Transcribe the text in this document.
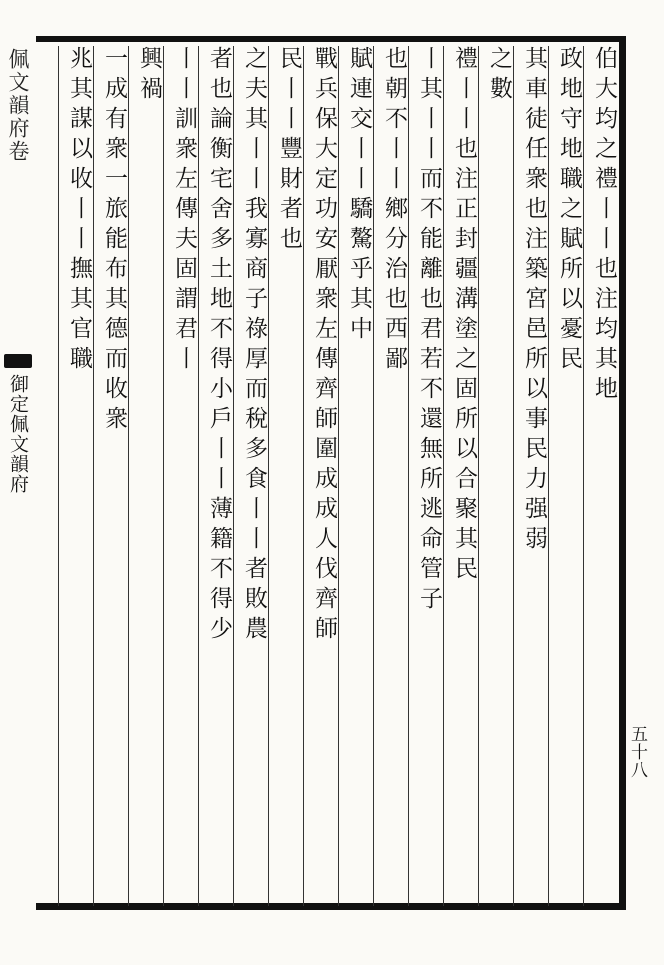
佩文韻府卷
御定佩文韻府
伯大均之禮丨丨也注均其地
政地守地職之賦所以憂民
其車徒任衆也注築宮邑所以事民力强弱
之數
禮丨丨也注正封疆溝塗之固所以合聚其民
丨其丨丨而不能離也君若不還無所逃命管子
也朝不丨丨鄉分治也西鄙
賦連交丨丨驕驁乎其中
戰兵保大定功安厭衆左傳齊師圍成成人伐齊師
民丨丨豐財者也
之夫其丨丨我寡商子祿厚而稅多食丨丨者敗農
者也論衡宅舍多土地不得小戶丨丨薄籍不得少
丨丨訓衆左傳夫固謂君丨
興禍
一成有衆一旅能布其德而收衆
兆其謀以收丨丨撫其官職
五十八
